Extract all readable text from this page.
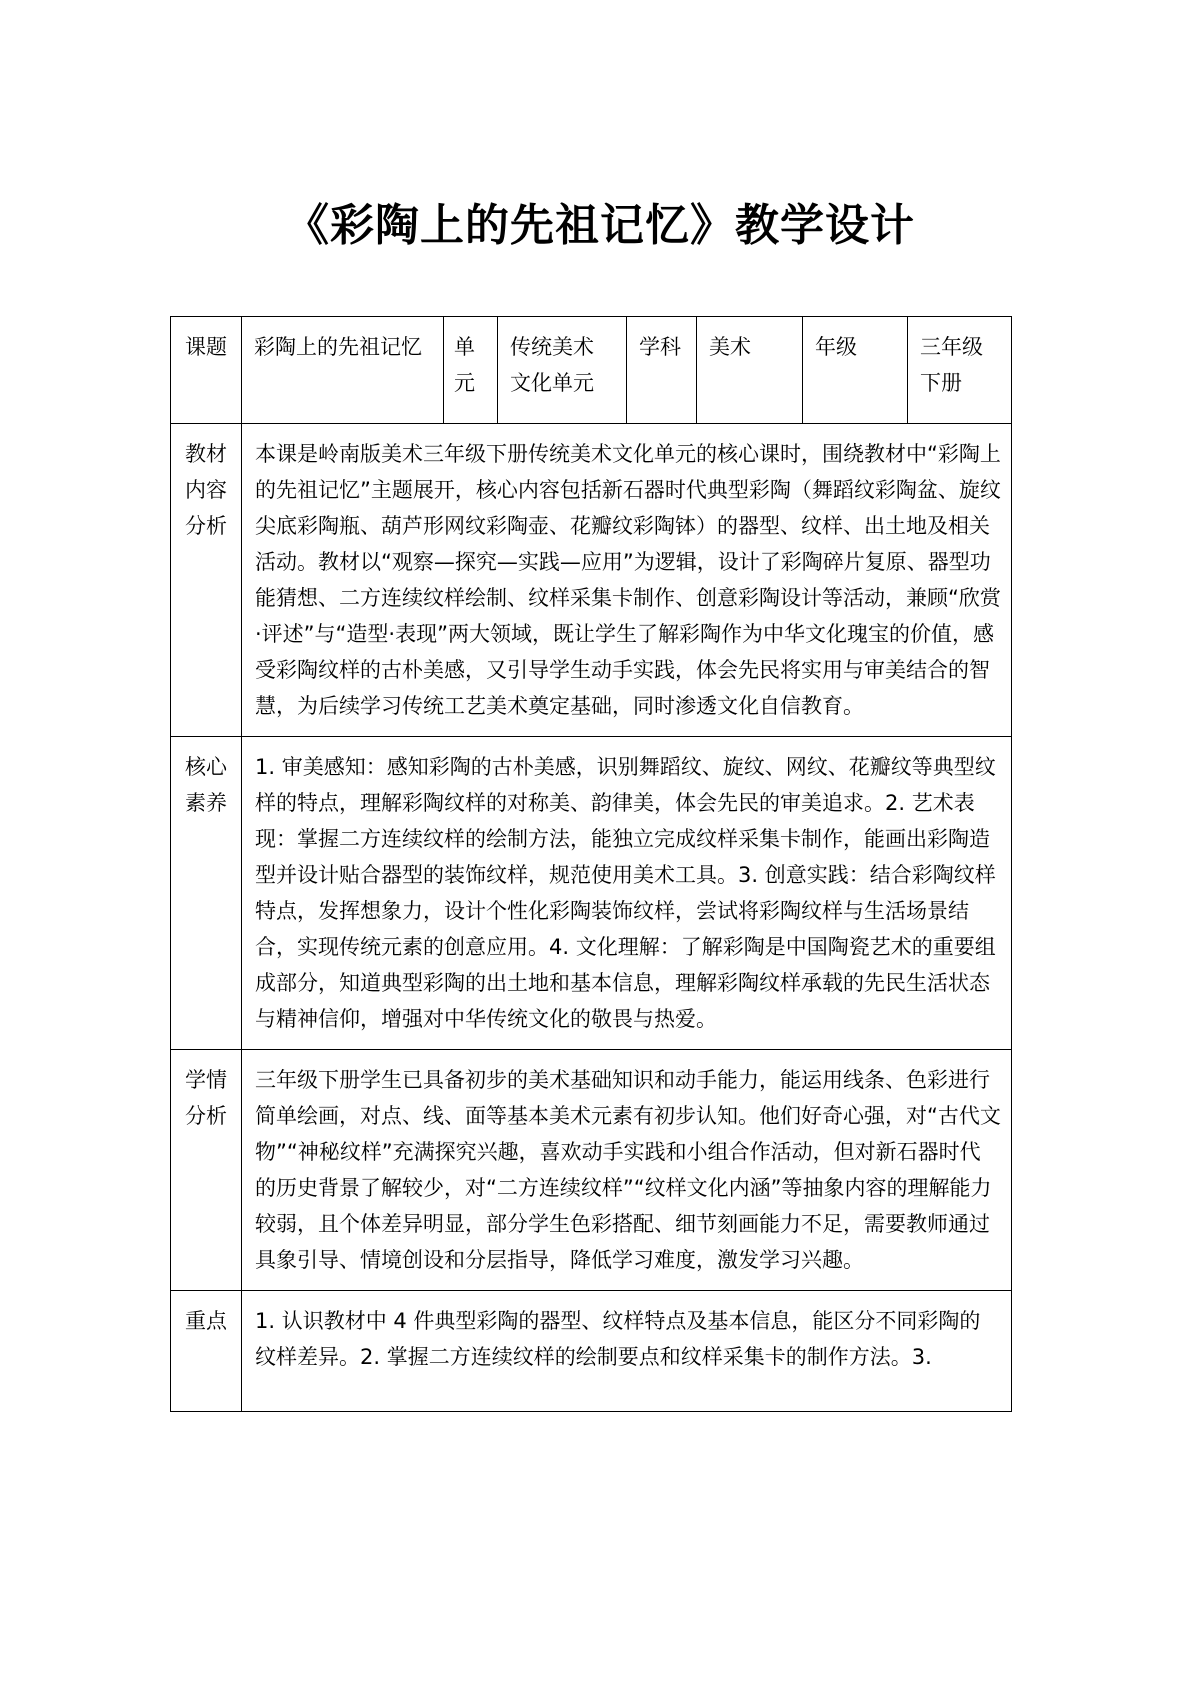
《彩陶上的先祖记忆》教学设计
课题	彩陶上的先祖记忆	单元	传统美术文化单元	学科	美术	年级	三年级下册

教材内容分析	本课是岭南版美术三年级下册传统美术文化单元的核心课时，围绕教材中“彩陶上的先祖记忆”主题展开，核心内容包括新石器时代典型彩陶（舞蹈纹彩陶盆、旋纹尖底彩陶瓶、葫芦形网纹彩陶壶、花瓣纹彩陶钵）的器型、纹样、出土地及相关活动。教材以“观察—探究—实践—应用”为逻辑，设计了彩陶碎片复原、器型功能猜想、二方连续纹样绘制、纹样采集卡制作、创意彩陶设计等活动，兼顾“欣赏·评述”与“造型·表现”两大领域，既让学生了解彩陶作为中华文化瑰宝的价值，感受彩陶纹样的古朴美感，又引导学生动手实践，体会先民将实用与审美结合的智慧，为后续学习传统工艺美术奠定基础，同时渗透文化自信教育。						

核心素养	1. 审美感知：感知彩陶的古朴美感，识别舞蹈纹、旋纹、网纹、花瓣纹等典型纹样的特点，理解彩陶纹样的对称美、韵律美，体会先民的审美追求。2. 艺术表现：掌握二方连续纹样的绘制方法，能独立完成纹样采集卡制作，能画出彩陶造型并设计贴合器型的装饰纹样，规范使用美术工具。3. 创意实践：结合彩陶纹样特点，发挥想象力，设计个性化彩陶装饰纹样，尝试将彩陶纹样与生活场景结合，实现传统元素的创意应用。4. 文化理解：了解彩陶是中国陶瓷艺术的重要组成部分，知道典型彩陶的出土地和基本信息，理解彩陶纹样承载的先民生活状态与精神信仰，增强对中华传统文化的敬畏与热爱。						

学情分析	三年级下册学生已具备初步的美术基础知识和动手能力，能运用线条、色彩进行简单绘画，对点、线、面等基本美术元素有初步认知。他们好奇心强，对“古代文物”“神秘纹样”充满探究兴趣，喜欢动手实践和小组合作活动，但对新石器时代的历史背景了解较少，对“二方连续纹样”“纹样文化内涵”等抽象内容的理解能力较弱，且个体差异明显，部分学生色彩搭配、细节刻画能力不足，需要教师通过具象引导、情境创设和分层指导，降低学习难度，激发学习兴趣。						

重点	1. 认识教材中 4 件典型彩陶的器型、纹样特点及基本信息，能区分不同彩陶的纹样差异。2. 掌握二方连续纹样的绘制要点和纹样采集卡的制作方法。3.						
